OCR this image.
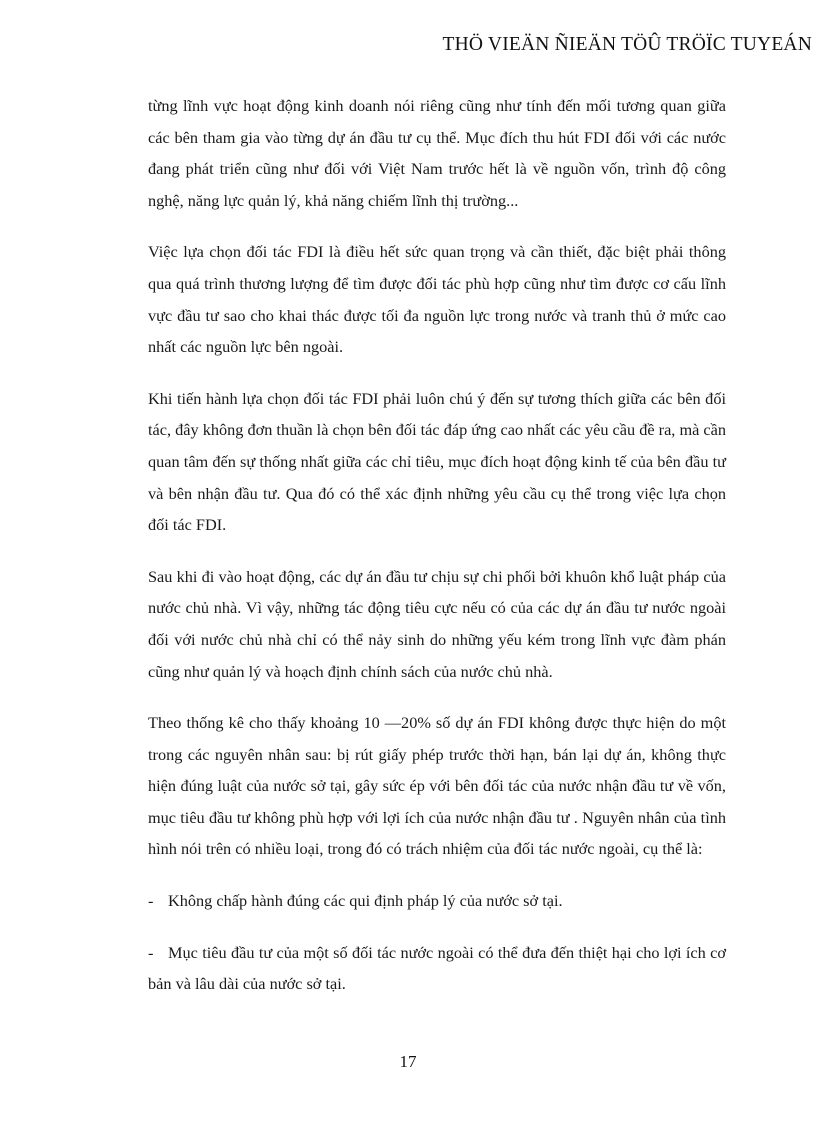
THÖ VIEÄN ÑIEÄN TÖÛ TRÖÏC TUYEÁN

từng lĩnh vực hoạt động kinh doanh nói riêng cũng như tính đến mối tương quan giữa các bên tham gia vào từng dự án đầu tư cụ thể. Mục đích thu hút FDI đối với các nước đang phát triển cũng như đối với Việt Nam trước hết là về nguồn vốn, trình độ công nghệ, năng lực quản lý, khả năng chiếm lĩnh thị trường...

Việc lựa chọn đối tác FDI là điều hết sức quan trọng và cần thiết, đặc biệt phải thông qua quá trình thương lượng để tìm được đối tác phù hợp cũng như tìm được cơ cấu lĩnh vực đầu tư sao cho khai thác được tối đa nguồn lực trong nước và tranh thủ ở mức cao nhất các nguồn lực bên ngoài.

Khi tiến hành lựa chọn đối tác FDI phải luôn chú ý đến sự tương thích giữa các bên đối tác, đây không đơn thuần là chọn bên đối tác đáp ứng cao nhất các yêu cầu đề ra, mà cần quan tâm đến sự thống nhất giữa các chỉ tiêu, mục đích hoạt động kinh tế của bên đầu tư và bên nhận đầu tư. Qua đó có thể xác định những yêu cầu cụ thể trong việc lựa chọn đối tác FDI.

Sau khi đi vào hoạt động, các dự án đầu tư chịu sự chi phối bởi khuôn khổ luật pháp của nước chủ nhà. Vì vậy, những tác động tiêu cực nếu có của các dự án đầu tư nước ngoài đối với nước chủ nhà chỉ có thể nảy sinh do những yếu kém trong lĩnh vực đàm phán cũng như quản lý và hoạch định chính sách của nước chủ nhà.

Theo thống kê cho thấy khoảng 10 —20% số dự án FDI không được thực hiện do một trong các nguyên nhân sau: bị rút giấy phép trước thời hạn, bán lại dự án, không thực hiện đúng luật của nước sở tại, gây sức ép với bên đối tác của nước nhận đầu tư về vốn, mục tiêu đầu tư không phù hợp với lợi ích của nước nhận đầu tư . Nguyên nhân của tình hình nói trên có nhiều loại, trong đó có trách nhiệm của đối tác nước ngoài, cụ thể là:

- Không chấp hành đúng các qui định pháp lý của nước sở tại.

- Mục tiêu đầu tư của một số đối tác nước ngoài có thể đưa đến thiệt hại cho lợi ích cơ bản và lâu dài của nước sở tại.

17
